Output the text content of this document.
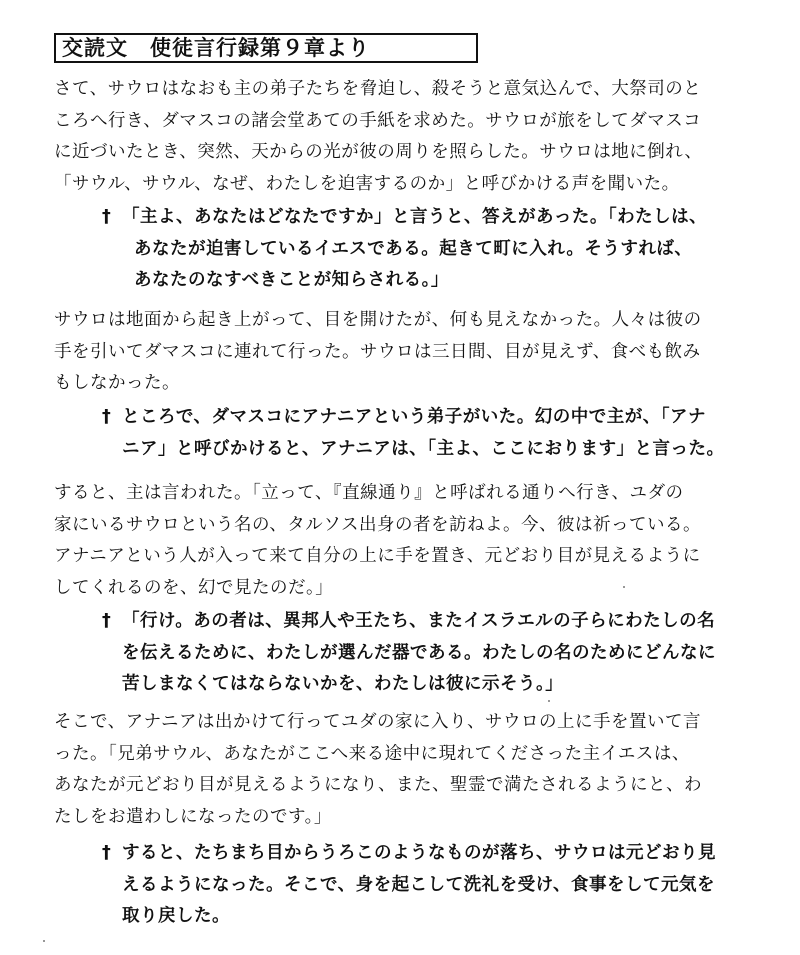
交読文　使徒言行録第９章より
さて、サウロはなおも主の弟子たちを脅迫し、殺そうと意気込んで、大祭司のと
ころへ行き、ダマスコの諸会堂あての手紙を求めた。サウロが旅をしてダマスコ
に近づいたとき、突然、天からの光が彼の周りを照らした。サウロは地に倒れ、
「サウル、サウル、なぜ、わたしを迫害するのか」と呼びかける声を聞いた。
† 「主よ、あなたはどなたですか」と言うと、答えがあった。「わたしは、
あなたが迫害しているイエスである。起きて町に入れ。そうすれば、
あなたのなすべきことが知らされる。」
サウロは地面から起き上がって、目を開けたが、何も見えなかった。人々は彼の
手を引いてダマスコに連れて行った。サウロは三日間、目が見えず、食べも飲み
もしなかった。
† ところで、ダマスコにアナニアという弟子がいた。幻の中で主が、「アナ
ニア」と呼びかけると、アナニアは、「主よ、ここにおります」と言った。
すると、主は言われた。「立って、『直線通り』と呼ばれる通りへ行き、ユダの
家にいるサウロという名の、タルソス出身の者を訪ねよ。今、彼は祈っている。
アナニアという人が入って来て自分の上に手を置き、元どおり目が見えるように
してくれるのを、幻で見たのだ。」
† 「行け。あの者は、異邦人や王たち、またイスラエルの子らにわたしの名
を伝えるために、わたしが選んだ器である。わたしの名のためにどんなに
苦しまなくてはならないかを、わたしは彼に示そう。」
そこで、アナニアは出かけて行ってユダの家に入り、サウロの上に手を置いて言
った。「兄弟サウル、あなたがここへ来る途中に現れてくださった主イエスは、
あなたが元どおり目が見えるようになり、また、聖霊で満たされるようにと、わ
たしをお遣わしになったのです。」
† すると、たちまち目からうろこのようなものが落ち、サウロは元どおり見
えるようになった。そこで、身を起こして洗礼を受け、食事をして元気を
取り戻した。
